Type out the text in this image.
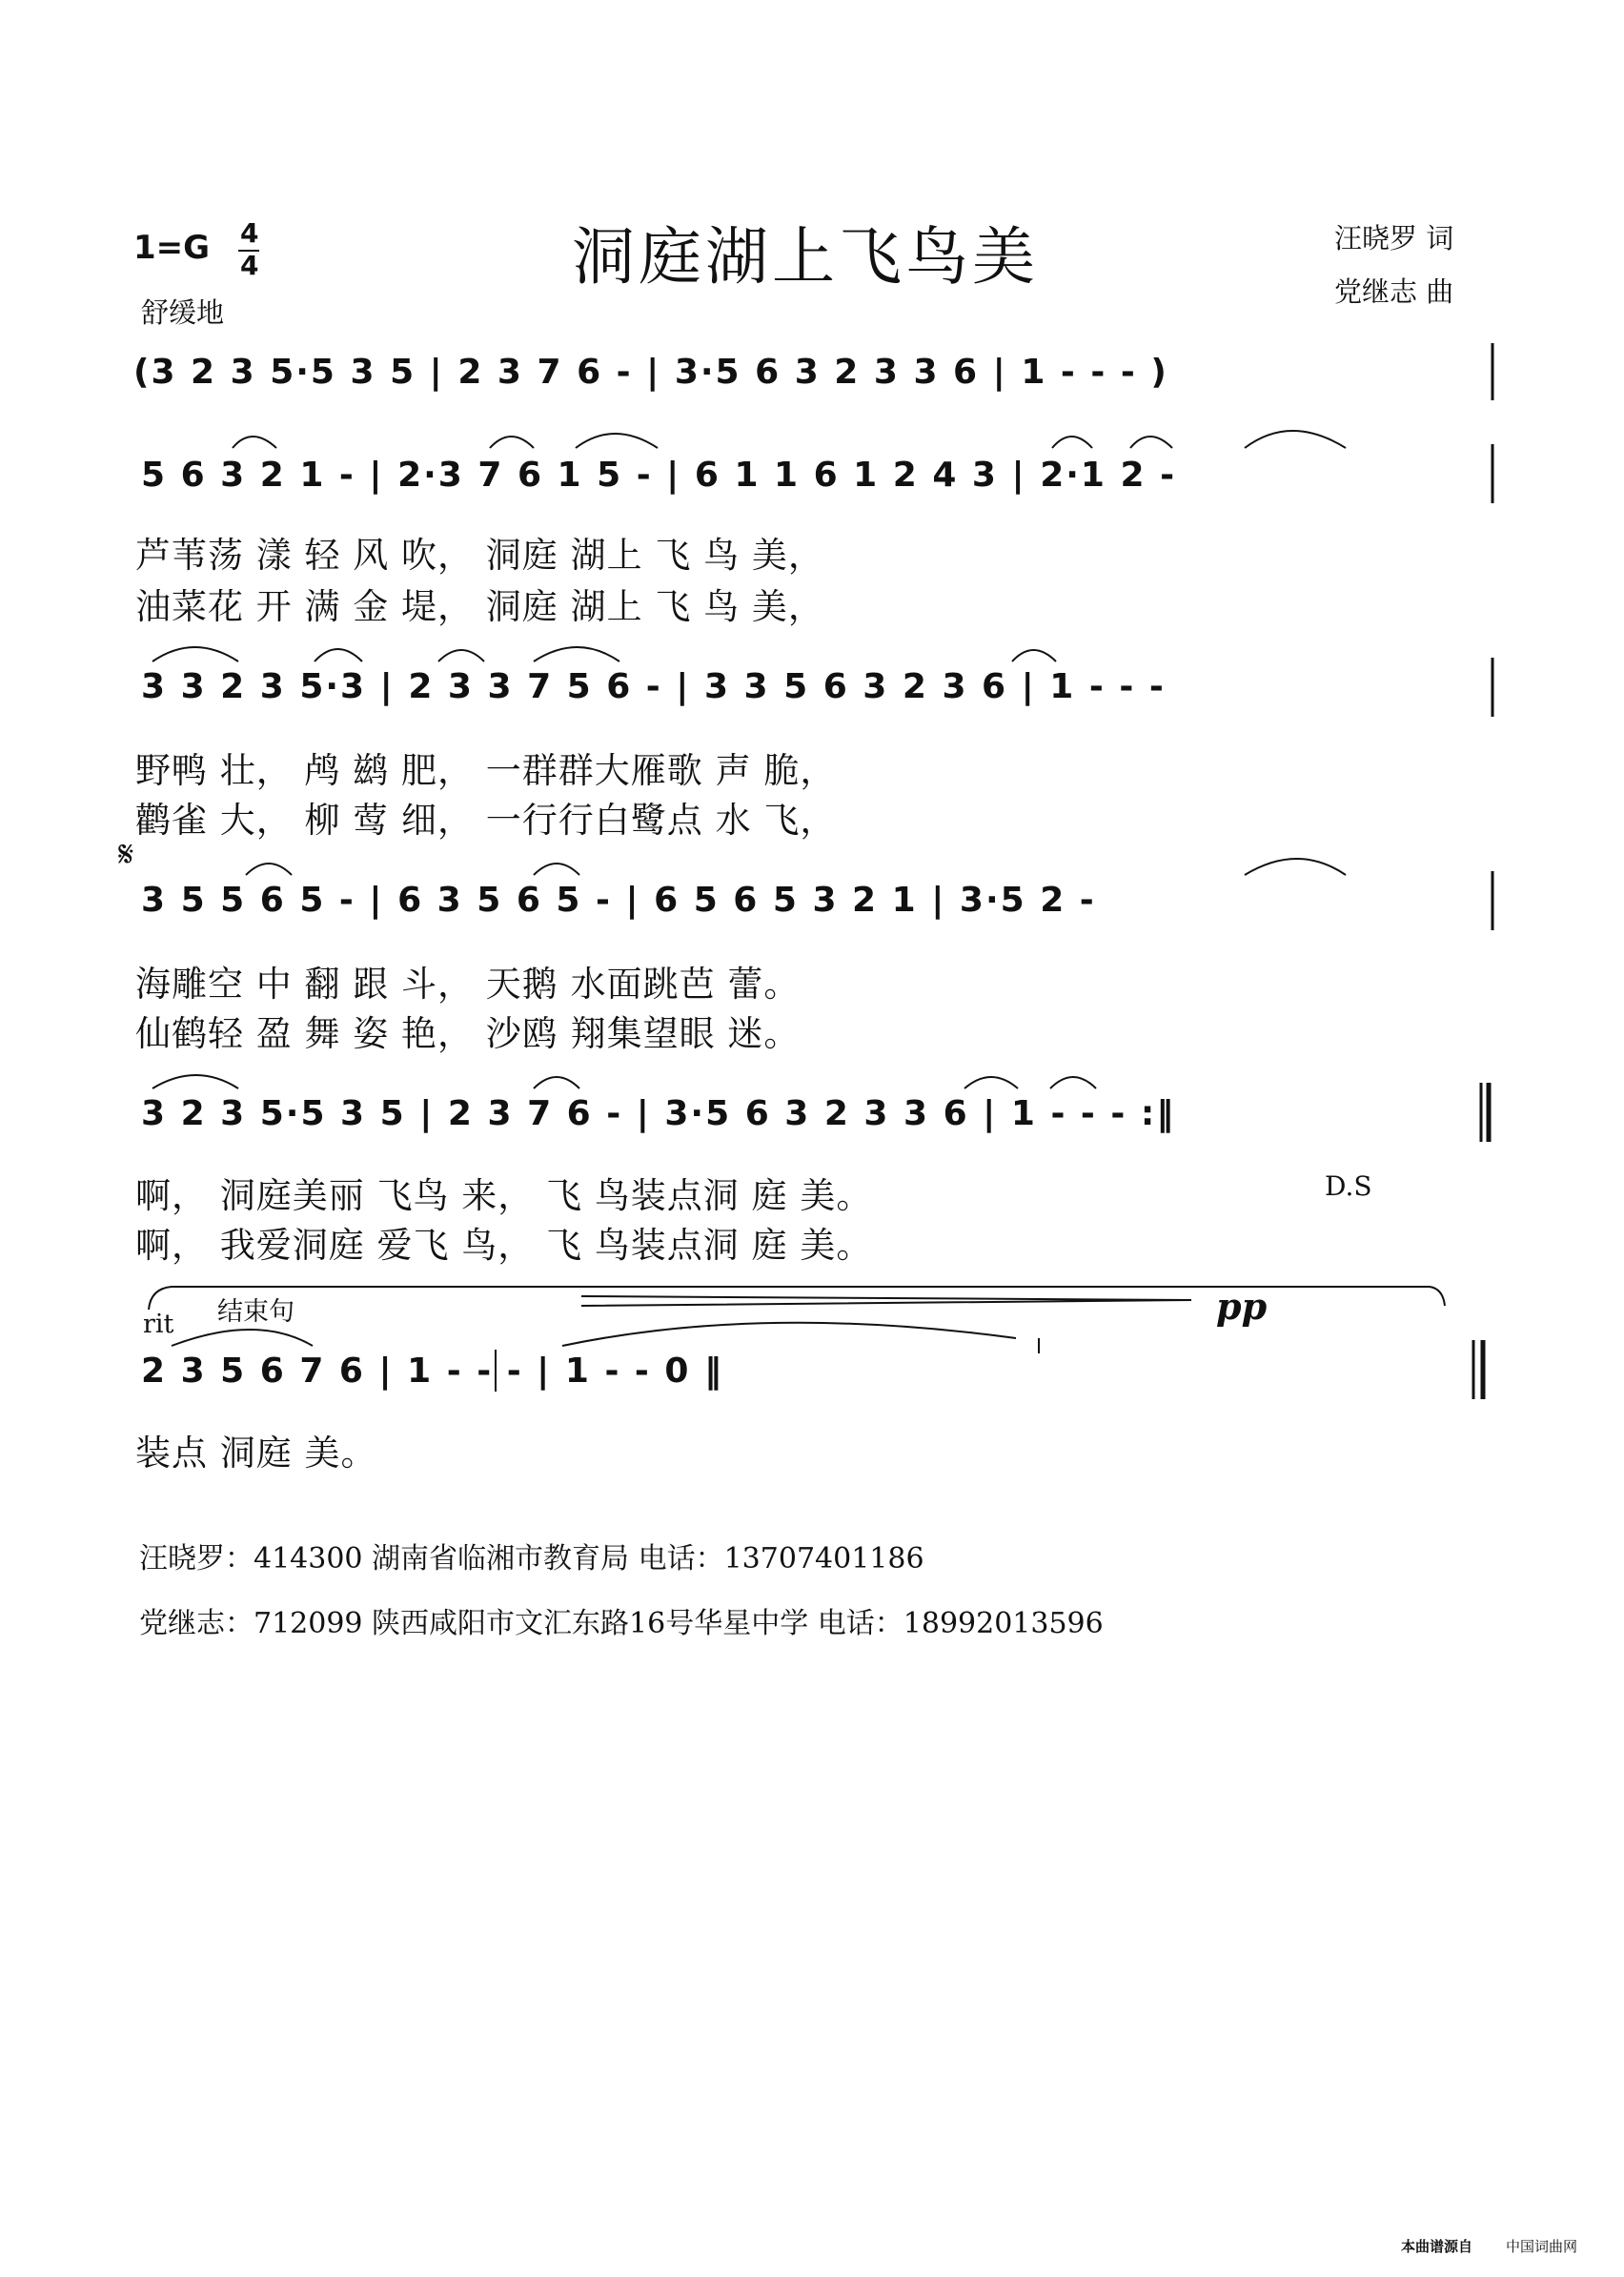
1=G 4
4
舒缓地
洞庭湖上飞鸟美	汪晓罗 词
党继志 曲
(3 2 3 5·5 3 5 | 2 3 7 6 - | 3·5 6 3 2 3 3 6 | 1 - - - )
5 6 3 2 1 - | 2·3 7 6 1 5 - | 6 1 1 6 1 2 4 3 | 2·1 2 -
芦苇荡 漾 轻 风 吹， 洞庭 湖上 飞 鸟 美，
油菜花 开 满 金 堤， 洞庭 湖上 飞 鸟 美，
3 3 2 3 5·3 | 2 3 3 7 5 6 - | 3 3 5 6 3 2 3 6 | 1 - - -
野鸭 壮， 鸬 鹚 肥， 一群群大雁歌 声 脆，
鹳雀 大， 柳 莺 细， 一行行白鹭点 水 飞，
𝄋
3 5 5 6 5 - | 6 3 5 6 5 - | 6 5 6 5 3 2 1 | 3·5 2 -
海雕空 中 翻 跟 斗， 天鹅 水面跳芭 蕾。
仙鹤轻 盈 舞 姿 艳， 沙鸥 翔集望眼 迷。
3 2 3 5·5 3 5 | 2 3 7 6 - | 3·5 6 3 2 3 3 6 | 1 - - - :‖
啊， 洞庭美丽 飞鸟 来， 飞 鸟装点洞 庭 美。
啊， 我爱洞庭 爱飞 鸟， 飞 鸟装点洞 庭 美。
D.S
rit 结束句	pp
2 3 5 6 7 6 | 1 - - - | 1 - - 0 ‖
装点 洞庭 美。
汪晓罗：414300 湖南省临湘市教育局 电话：13707401186
党继志：712099 陕西咸阳市文汇东路16号华星中学 电话：18992013596
本曲谱源自 中国词曲网
